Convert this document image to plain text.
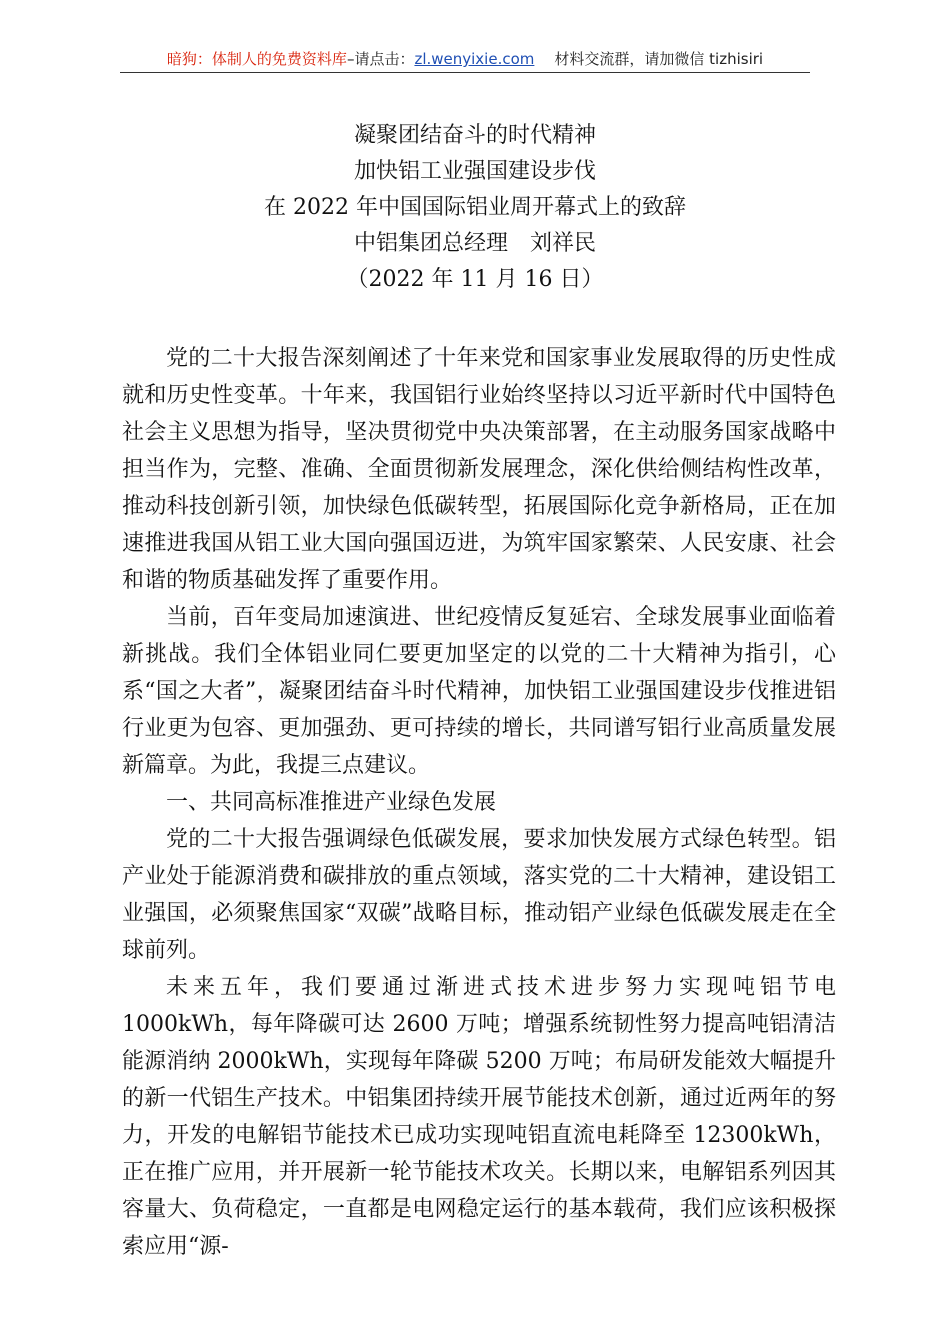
暗狗：体制人的免费资料库–请点击：zl.wenyixie.com 材料交流群，请加微信 tizhisiri
凝聚团结奋斗的时代精神
加快铝工业强国建设步伐
在 2022 年中国国际铝业周开幕式上的致辞
中铝集团总经理　刘祥民
（2022 年 11 月 16 日）

党的二十大报告深刻阐述了十年来党和国家事业发展取得的历史性成就和历史性变革。十年来，我国铝行业始终坚持以习近平新时代中国特色社会主义思想为指导，坚决贯彻党中央决策部署，在主动服务国家战略中担当作为，完整、准确、全面贯彻新发展理念，深化供给侧结构性改革，推动科技创新引领，加快绿色低碳转型，拓展国际化竞争新格局，正在加速推进我国从铝工业大国向强国迈进，为筑牢国家繁荣、人民安康、社会和谐的物质基础发挥了重要作用。

当前，百年变局加速演进、世纪疫情反复延宕、全球发展事业面临着新挑战。我们全体铝业同仁要更加坚定的以党的二十大精神为指引，心系“国之大者”，凝聚团结奋斗时代精神，加快铝工业强国建设步伐推进铝行业更为包容、更加强劲、更可持续的增长，共同谱写铝行业高质量发展新篇章。为此，我提三点建议。

一、共同高标准推进产业绿色发展

党的二十大报告强调绿色低碳发展，要求加快发展方式绿色转型。铝产业处于能源消费和碳排放的重点领域，落实党的二十大精神，建设铝工业强国，必须聚焦国家“双碳”战略目标，推动铝产业绿色低碳发展走在全球前列。

未来五年，我们要通过渐进式技术进步努力实现吨铝节电 1000kWh，每年降碳可达 2600 万吨；增强系统韧性努力提高吨铝清洁能源消纳 2000kWh，实现每年降碳 5200 万吨；布局研发能效大幅提升的新一代铝生产技术。中铝集团持续开展节能技术创新，通过近两年的努力，开发的电解铝节能技术已成功实现吨铝直流电耗降至 12300kWh，正在推广应用，并开展新一轮节能技术攻关。长期以来，电解铝系列因其容量大、负荷稳定，一直都是电网稳定运行的基本载荷，我们应该积极探索应用“源-
